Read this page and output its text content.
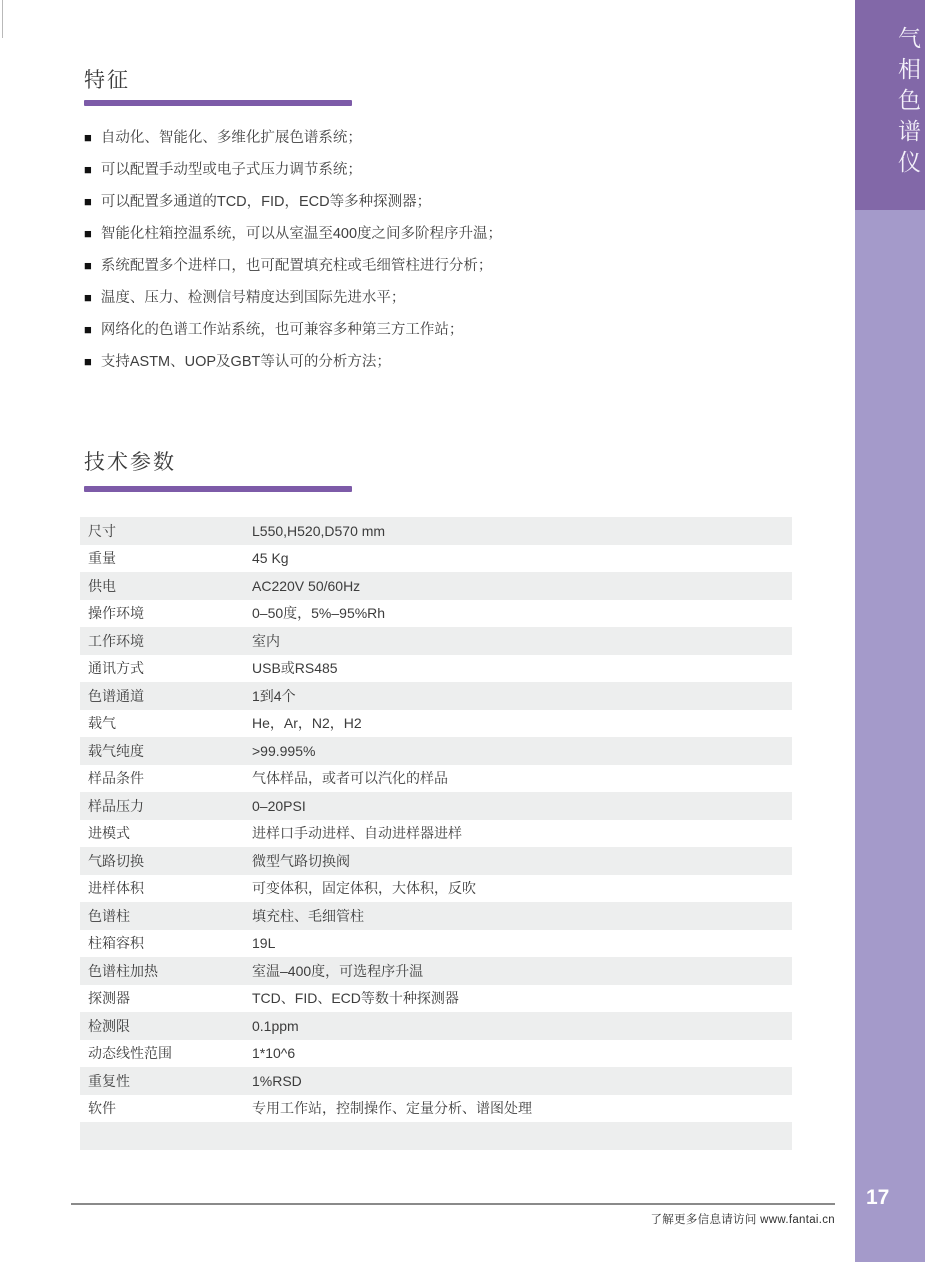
特征
■ 自动化、智能化、多维化扩展色谱系统；
■ 可以配置手动型或电子式压力调节系统；
■ 可以配置多通道的TCD，FID，ECD等多种探测器；
■ 智能化柱箱控温系统，可以从室温至400度之间多阶程序升温；
■ 系统配置多个进样口，也可配置填充柱或毛细管柱进行分析；
■ 温度、压力、检测信号精度达到国际先进水平；
■ 网络化的色谱工作站系统，也可兼容多种第三方工作站；
■ 支持ASTM、UOP及GBT等认可的分析方法；
技术参数
尺寸	L550,H520,D570 mm
重量	45 Kg
供电	AC220V 50/60Hz
操作环境	0–50度，5%–95%Rh
工作环境	室内
通讯方式	USB或RS485
色谱通道	1到4个
载气	He，Ar，N2，H2
载气纯度	>99.995%
样品条件	气体样品，或者可以汽化的样品
样品压力	0–20PSI
进模式	进样口手动进样、自动进样器进样
气路切换	微型气路切换阀
进样体积	可变体积，固定体积，大体积，反吹
色谱柱	填充柱、毛细管柱
柱箱容积	19L
色谱柱加热	室温–400度，可选程序升温
探测器	TCD、FID、ECD等数十种探测器
检测限	0.1ppm
动态线性范围	1*10^6
重复性	1%RSD
软件	专用工作站，控制操作、定量分析、谱图处理
了解更多信息请访问 www.fantai.cn
气相色谱仪
17
